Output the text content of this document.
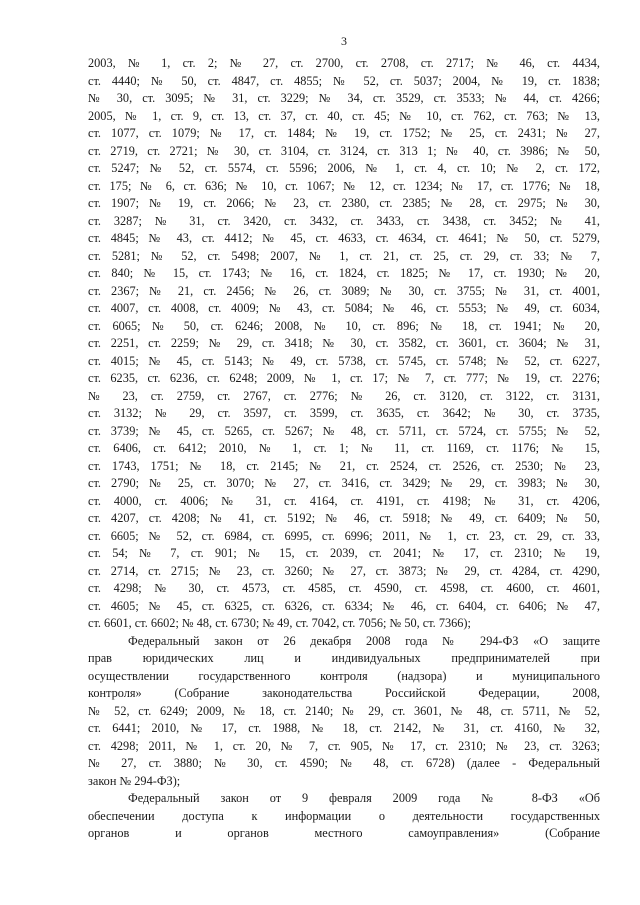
3
2003, № 1, ст. 2; № 27, ст. 2700, ст. 2708, ст. 2717; № 46, ст. 4434,
ст. 4440; № 50, ст. 4847, ст. 4855; № 52, ст. 5037; 2004, № 19, ст. 1838;
№ 30, ст. 3095; № 31, ст. 3229; № 34, ст. 3529, ст. 3533; № 44, ст. 4266;
2005, № 1, ст. 9, ст. 13, ст. 37, ст. 40, ст. 45; № 10, ст. 762, ст. 763; № 13,
ст. 1077, ст. 1079; № 17, ст. 1484; № 19, ст. 1752; № 25, ст. 2431; № 27,
ст. 2719, ст. 2721; № 30, ст. 3104, ст. 3124, ст. 313 1; № 40, ст. 3986; № 50,
ст. 5247; № 52, ст. 5574, ст. 5596; 2006, № 1, ст. 4, ст. 10; № 2, ст. 172,
ст. 175; № 6, ст. 636; № 10, ст. 1067; № 12, ст. 1234; № 17, ст. 1776; № 18,
ст. 1907; № 19, ст. 2066; № 23, ст. 2380, ст. 2385; № 28, ст. 2975; № 30,
ст. 3287; № 31, ст. 3420, ст. 3432, ст. 3433, ст. 3438, ст. 3452; № 41,
ст. 4845; № 43, ст. 4412; № 45, ст. 4633, ст. 4634, ст. 4641; № 50, ст. 5279,
ст. 5281; № 52, ст. 5498; 2007, № 1, ст. 21, ст. 25, ст. 29, ст. 33; № 7,
ст. 840; № 15, ст. 1743; № 16, ст. 1824, ст. 1825; № 17, ст. 1930; № 20,
ст. 2367; № 21, ст. 2456; № 26, ст. 3089; № 30, ст. 3755; № 31, ст. 4001,
ст. 4007, ст. 4008, ст. 4009; № 43, ст. 5084; № 46, ст. 5553; № 49, ст. 6034,
ст. 6065; № 50, ст. 6246; 2008, № 10, ст. 896; № 18, ст. 1941; № 20,
ст. 2251, ст. 2259; № 29, ст. 3418; № 30, ст. 3582, ст. 3601, ст. 3604; № 31,
ст. 4015; № 45, ст. 5143; № 49, ст. 5738, ст. 5745, ст. 5748; № 52, ст. 6227,
ст. 6235, ст. 6236, ст. 6248; 2009, № 1, ст. 17; № 7, ст. 777; № 19, ст. 2276;
№ 23, ст. 2759, ст. 2767, ст. 2776; № 26, ст. 3120, ст. 3122, ст. 3131,
ст. 3132; № 29, ст. 3597, ст. 3599, ст. 3635, ст. 3642; № 30, ст. 3735,
ст. 3739; № 45, ст. 5265, ст. 5267; № 48, ст. 5711, ст. 5724, ст. 5755; № 52,
ст. 6406, ст. 6412; 2010, № 1, ст. 1; № 11, ст. 1169, ст. 1176; № 15,
ст. 1743, 1751; № 18, ст. 2145; № 21, ст. 2524, ст. 2526, ст. 2530; № 23,
ст. 2790; № 25, ст. 3070; № 27, ст. 3416, ст. 3429; № 29, ст. 3983; № 30,
ст. 4000, ст. 4006; № 31, ст. 4164, ст. 4191, ст. 4198; № 31, ст. 4206,
ст. 4207, ст. 4208; № 41, ст. 5192; № 46, ст. 5918; № 49, ст. 6409; № 50,
ст. 6605; № 52, ст. 6984, ст. 6995, ст. 6996; 2011, № 1, ст. 23, ст. 29, ст. 33,
ст. 54; № 7, ст. 901; № 15, ст. 2039, ст. 2041; № 17, ст. 2310; № 19,
ст. 2714, ст. 2715; № 23, ст. 3260; № 27, ст. 3873; № 29, ст. 4284, ст. 4290,
ст. 4298; № 30, ст. 4573, ст. 4585, ст. 4590, ст. 4598, ст. 4600, ст. 4601,
ст. 4605; № 45, ст. 6325, ст. 6326, ст. 6334; № 46, ст. 6404, ст. 6406; № 47,
ст. 6601, ст. 6602; № 48, ст. 6730; № 49, ст. 7042, ст. 7056; № 50, ст. 7366);
Федеральный закон от 26 декабря 2008 года № 294-ФЗ «О защите
прав юридических лиц и индивидуальных предпринимателей при
осуществлении государственного контроля (надзора) и муниципального
контроля» (Собрание законодательства Российской Федерации, 2008,
№ 52, ст. 6249; 2009, № 18, ст. 2140; № 29, ст. 3601, № 48, ст. 5711, № 52,
ст. 6441; 2010, № 17, ст. 1988, № 18, ст. 2142, № 31, ст. 4160, № 32,
ст. 4298; 2011, № 1, ст. 20, № 7, ст. 905, № 17, ст. 2310; № 23, ст. 3263;
№ 27, ст. 3880; № 30, ст. 4590; № 48, ст. 6728) (далее - Федеральный
закон № 294-ФЗ);
Федеральный закон от 9 февраля 2009 года № 8-ФЗ «Об
обеспечении доступа к информации о деятельности государственных
органов и органов местного самоуправления» (Собрание
